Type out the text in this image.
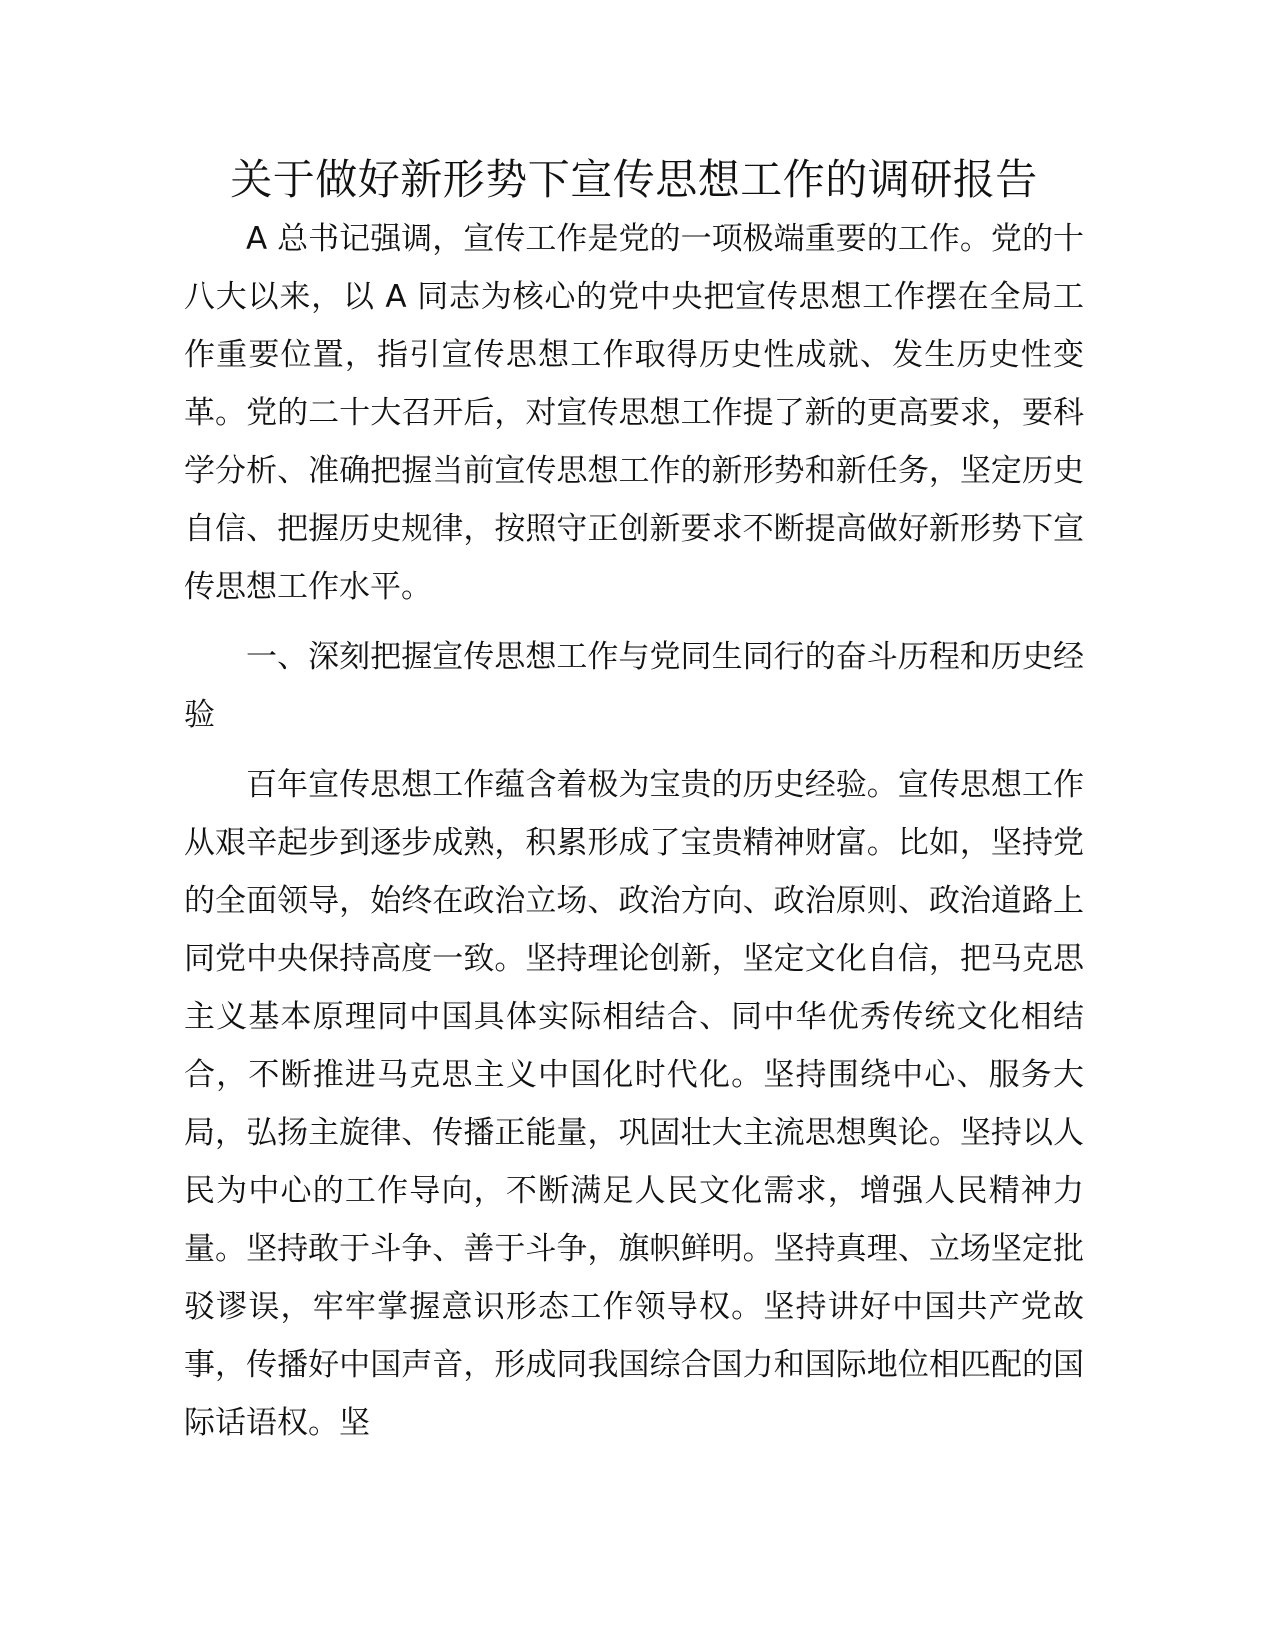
关于做好新形势下宣传思想工作的调研报告

A 总书记强调，宣传工作是党的一项极端重要的工作。党的十八大以来，以 A 同志为核心的党中央把宣传思想工作摆在全局工作重要位置，指引宣传思想工作取得历史性成就、发生历史性变革。党的二十大召开后，对宣传思想工作提了新的更高要求，要科学分析、准确把握当前宣传思想工作的新形势和新任务，坚定历史自信、把握历史规律，按照守正创新要求不断提高做好新形势下宣传思想工作水平。

一、深刻把握宣传思想工作与党同生同行的奋斗历程和历史经验

百年宣传思想工作蕴含着极为宝贵的历史经验。宣传思想工作从艰辛起步到逐步成熟，积累形成了宝贵精神财富。比如，坚持党的全面领导，始终在政治立场、政治方向、政治原则、政治道路上同党中央保持高度一致。坚持理论创新，坚定文化自信，把马克思主义基本原理同中国具体实际相结合、同中华优秀传统文化相结合，不断推进马克思主义中国化时代化。坚持围绕中心、服务大局，弘扬主旋律、传播正能量，巩固壮大主流思想舆论。坚持以人民为中心的工作导向，不断满足人民文化需求，增强人民精神力量。坚持敢于斗争、善于斗争，旗帜鲜明。坚持真理、立场坚定批驳谬误，牢牢掌握意识形态工作领导权。坚持讲好中国共产党故事，传播好中国声音，形成同我国综合国力和国际地位相匹配的国际话语权。坚
